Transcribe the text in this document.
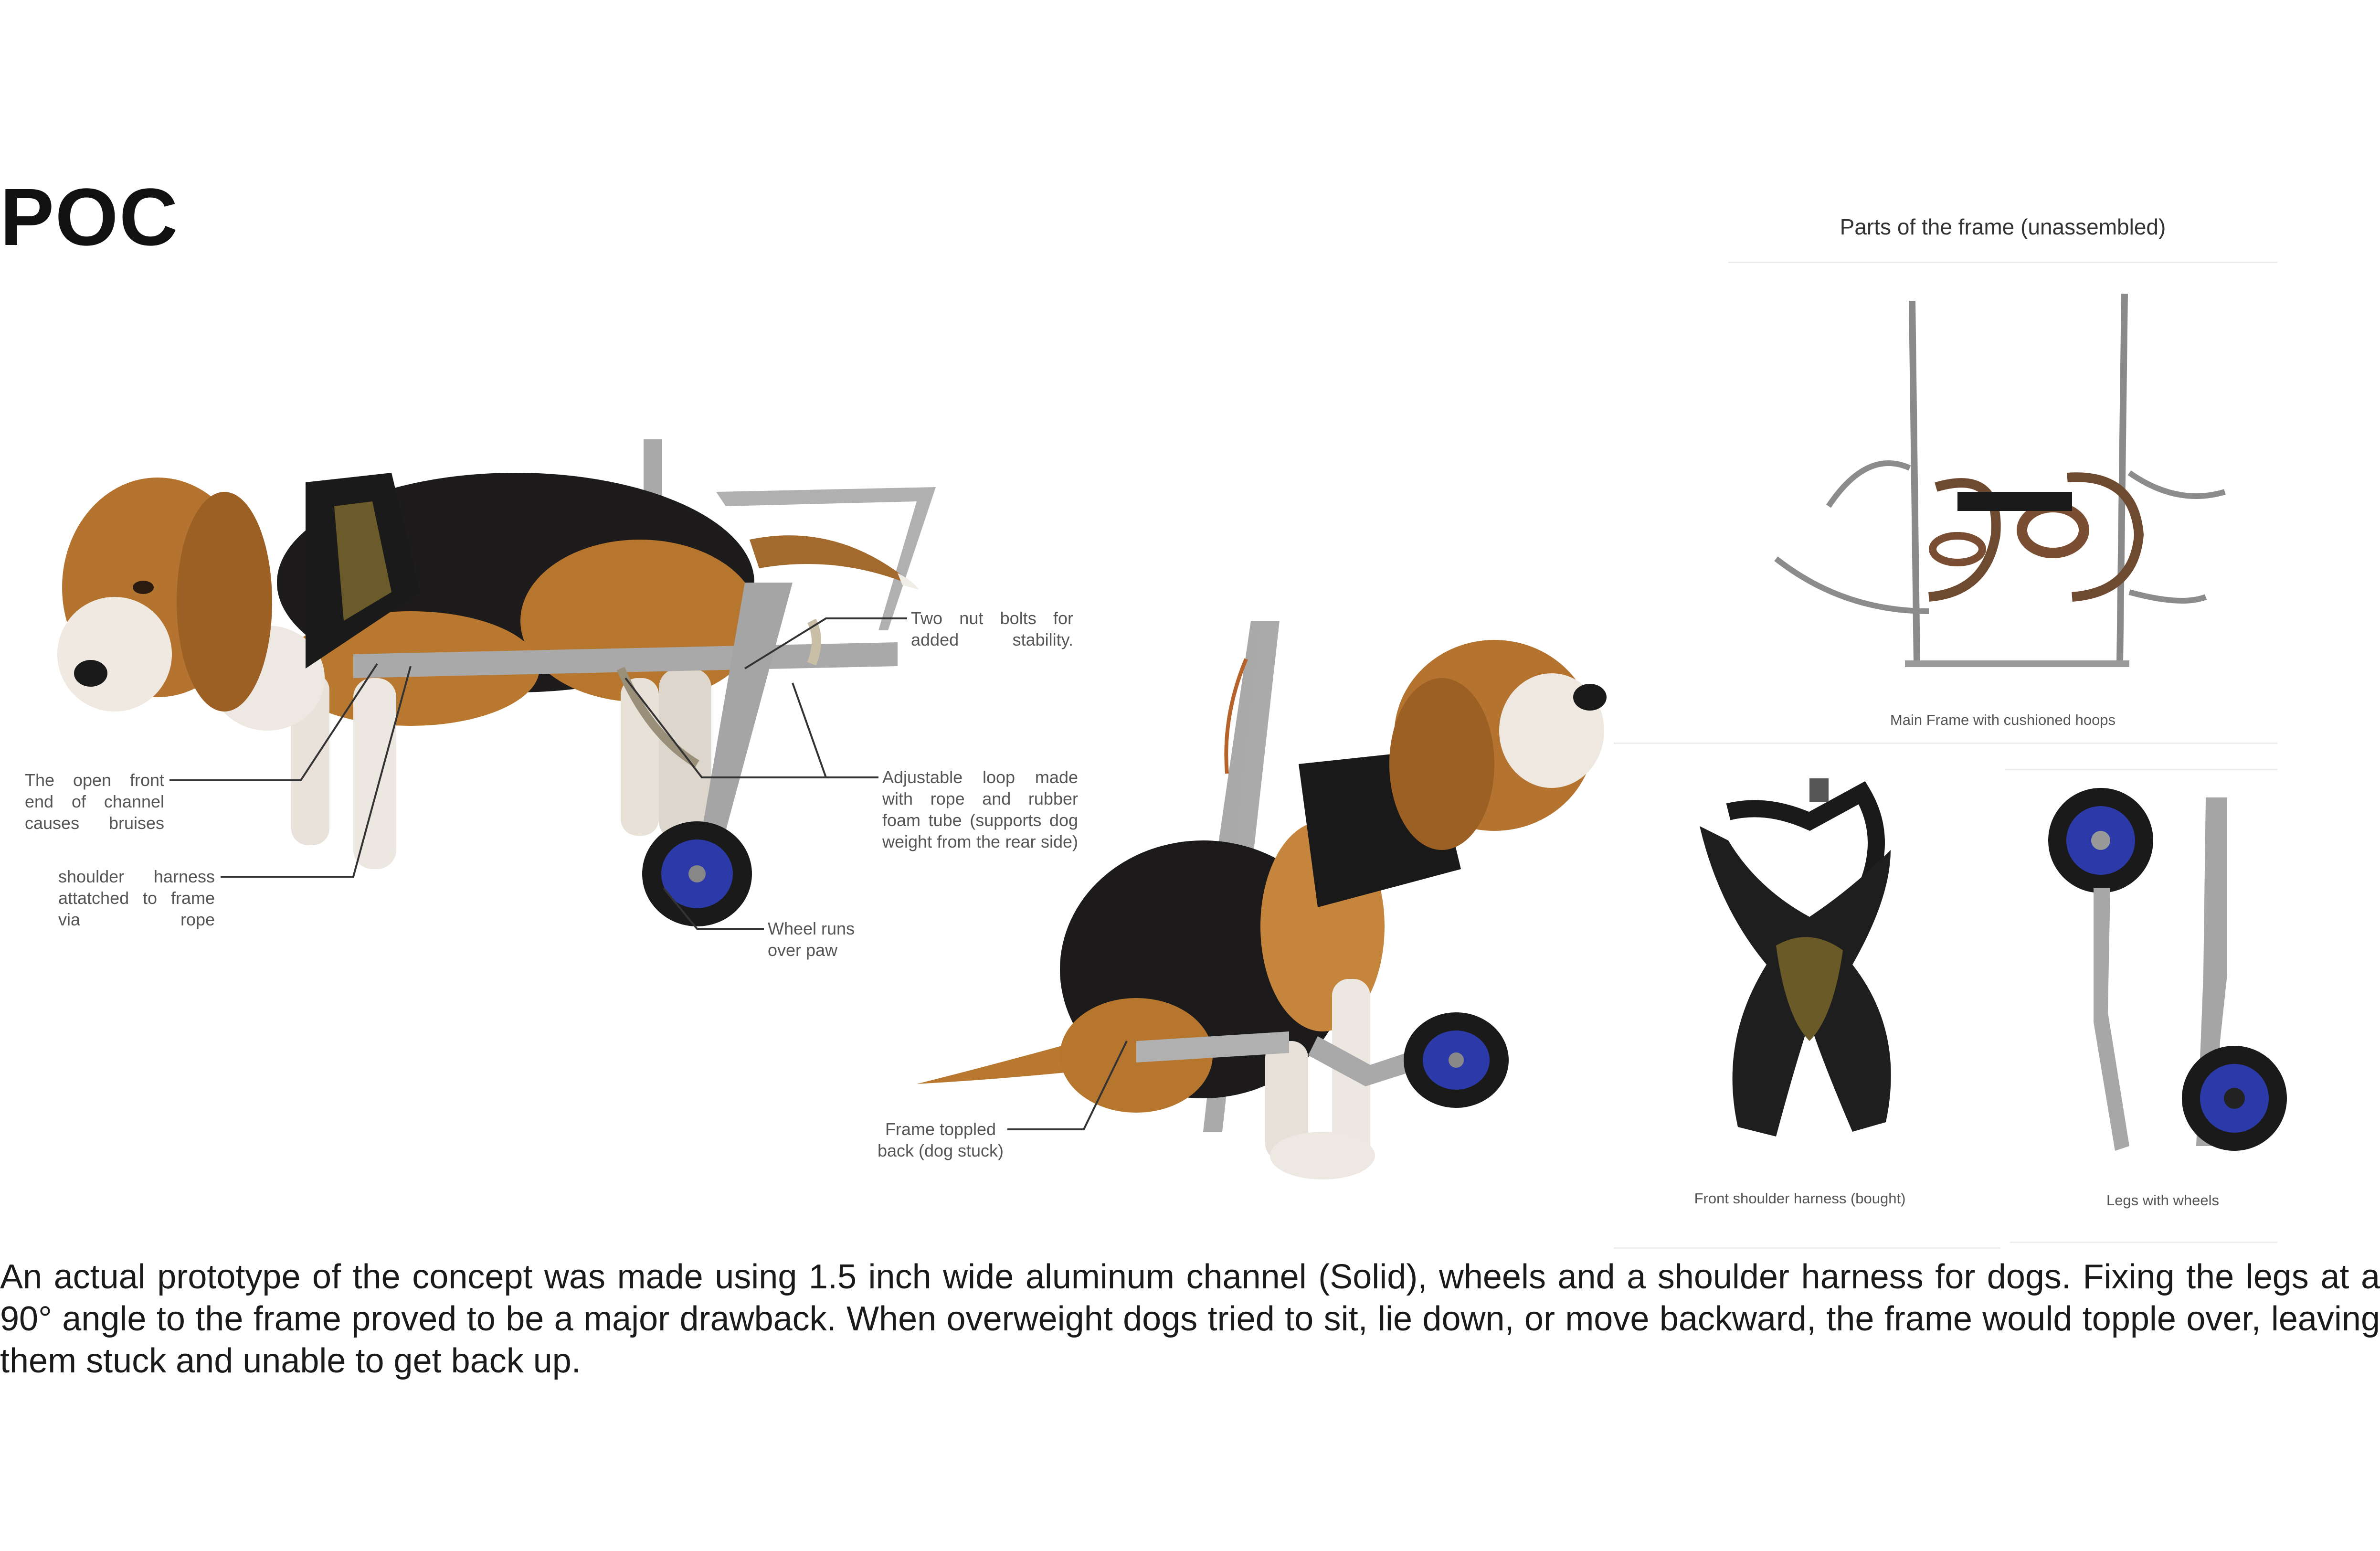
POC
The open front end of channel causes bruises
shoulder harness attatched to frame via rope
Two nut bolts for added stability.
Adjustable loop made with rope and rubber foam tube (supports dog weight from the rear side)
Wheel runs over paw
Frame toppled back (dog stuck)
Parts of the frame (unassembled)
Main Frame with cushioned hoops
Front shoulder harness (bought)	Legs with wheels
An actual prototype of the concept was made using 1.5 inch wide aluminum channel (Solid), wheels and a shoulder harness for dogs. Fixing the legs at a 90° angle to the frame proved to be a major drawback. When overweight dogs tried to sit, lie down, or move backward, the frame would topple over, leaving them stuck and unable to get back up.
